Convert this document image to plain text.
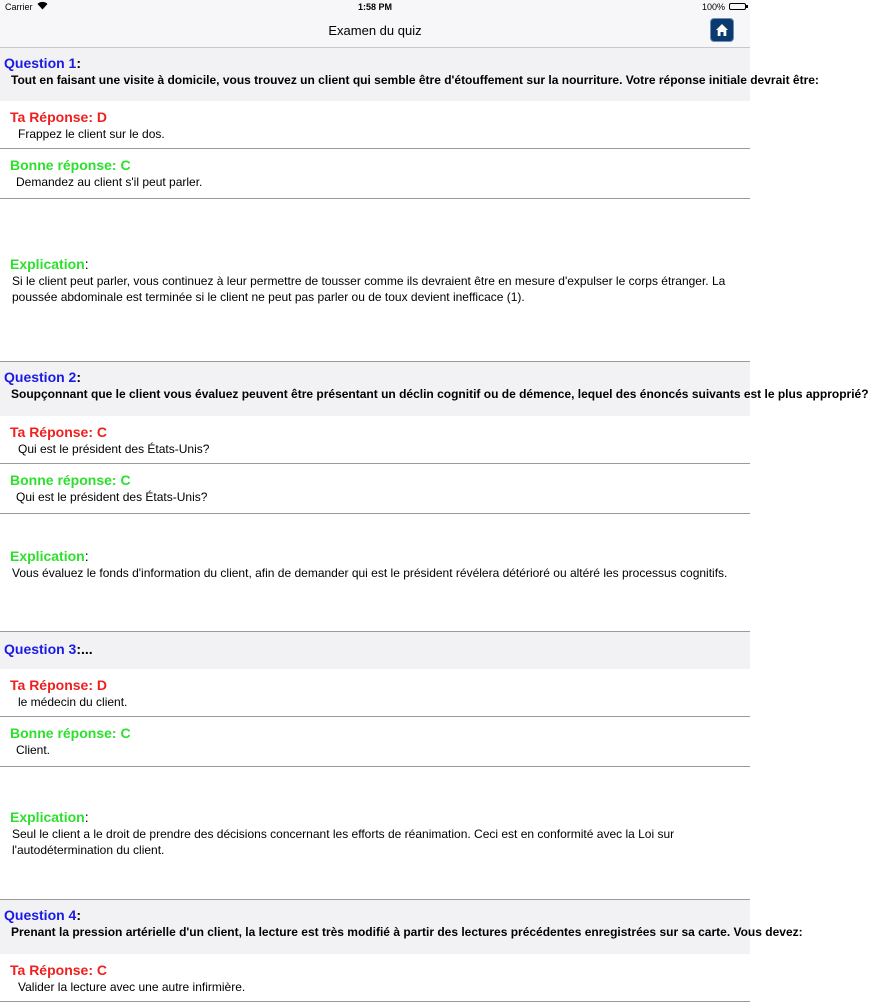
Carrier	1:58 PM	100%
Examen du quiz
Question 1:
Tout en faisant une visite à domicile, vous trouvez un client qui semble être d'étouffement sur la nourriture. Votre réponse initiale devrait être:
Ta Réponse: D
Frappez le client sur le dos.
Bonne réponse: C
Demandez au client s'il peut parler.
Explication:
Si le client peut parler, vous continuez à leur permettre de tousser comme ils devraient être en mesure d'expulser le corps étranger. La poussée abdominale est terminée si le client ne peut pas parler ou de toux devient inefficace (1).
Question 2:
Soupçonnant que le client vous évaluez peuvent être présentant un déclin cognitif ou de démence, lequel des énoncés suivants est le plus approprié?
Ta Réponse: C
Qui est le président des États-Unis?
Bonne réponse: C
Qui est le président des États-Unis?
Explication:
Vous évaluez le fonds d'information du client, afin de demander qui est le président révélera détérioré ou altéré les processus cognitifs.
Question 3:...
Ta Réponse: D
le médecin du client.
Bonne réponse: C
Client.
Explication:
Seul le client a le droit de prendre des décisions concernant les efforts de réanimation. Ceci est en conformité avec la Loi sur l'autodétermination du client.
Question 4:
Prenant la pression artérielle d'un client, la lecture est très modifié à partir des lectures précédentes enregistrées sur sa carte. Vous devez:
Ta Réponse: C
Valider la lecture avec une autre infirmière.
